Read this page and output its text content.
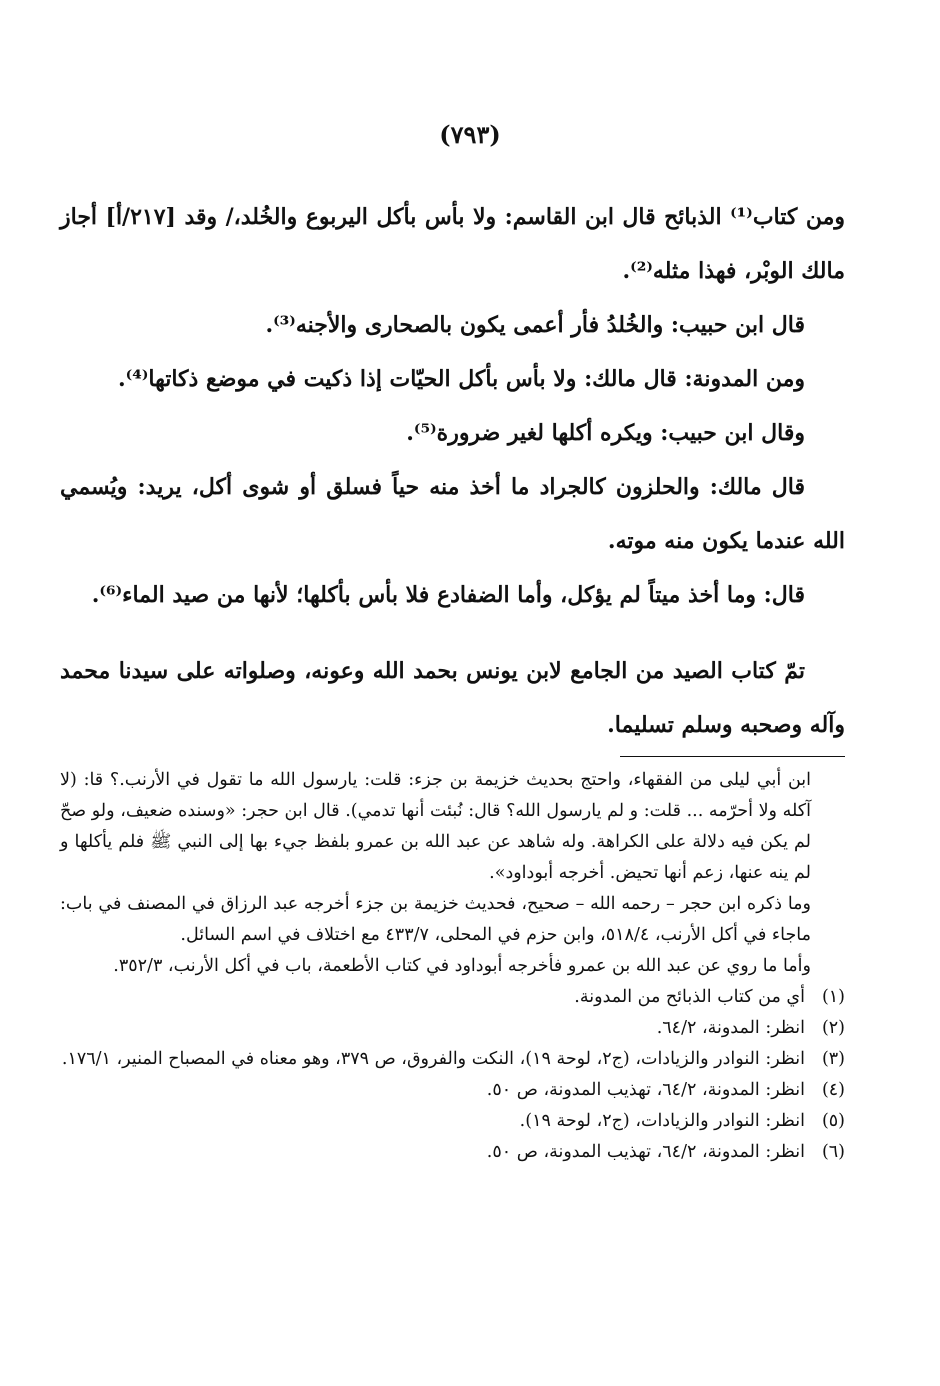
(٧٩٣)

ومن كتاب⁽¹⁾ الذبائح قال ابن القاسم: ولا بأس بأكل اليربوع والخُلد،/ وقد [٢١٧/أ] أجاز مالك الوبْر، فهذا مثله⁽²⁾.

قال ابن حبيب: والخُلدُ فأر أعمى يكون بالصحارى والأجنه⁽³⁾.

ومن المدونة: قال مالك: ولا بأس بأكل الحيّات إذا ذكيت في موضع ذكاتها⁽⁴⁾.

وقال ابن حبيب: ويكره أكلها لغير ضرورة⁽⁵⁾.

قال مالك: والحلزون كالجراد ما أخذ منه حياً فسلق أو شوى أكل، يريد: ويُسمي الله عندما يكون منه موته.

قال: وما أخذ ميتاً لم يؤكل، وأما الضفادع فلا بأس بأكلها؛ لأنها من صيد الماء⁽⁶⁾.

تمّ كتاب الصيد من الجامع لابن يونس بحمد الله وعونه، وصلواته على سيدنا محمد وآله وصحبه وسلم تسليما.

ابن أبي ليلى من الفقهاء، واحتج بحديث خزيمة بن جزء: قلت: يارسول الله ما تقول في الأرنب.؟ قا: (لا آكله ولا أحرّمه ... قلت: و لم يارسول الله؟ قال: نُبئت أنها تدمي). قال ابن حجر: «وسنده ضعيف، ولو صحّ لم يكن فيه دلالة على الكراهة. وله شاهد عن عبد الله بن عمرو بلفظ جيء بها إلى النبي ﷺ فلم يأكلها و لم ينه عنها، زعم أنها تحيض. أخرجه أبوداود».

وما ذكره ابن حجر – رحمه الله – صحيح، فحديث خزيمة بن جزء أخرجه عبد الرزاق في المصنف في باب: ماجاء في أكل الأرنب، ٥١٨/٤، وابن حزم في المحلى، ٤٣٣/٧ مع اختلاف في اسم السائل.

وأما ما روي عن عبد الله بن عمرو فأخرجه أبوداود في كتاب الأطعمة، باب في أكل الأرنب، ٣٥٢/٣.

(١)
أي من كتاب الذبائح من المدونة.
(٢)
انظر: المدونة، ٦٤/٢.
(٣)
انظر: النوادر والزيادات، (ج٢، لوحة ١٩)، النكت والفروق، ص ٣٧٩، وهو معناه في المصباح المنير، ١٧٦/١.
(٤)
انظر: المدونة، ٦٤/٢، تهذيب المدونة، ص ٥٠.
(٥)
انظر: النوادر والزيادات، (ج٢، لوحة ١٩).
(٦)
انظر: المدونة، ٦٤/٢، تهذيب المدونة، ص ٥٠.
